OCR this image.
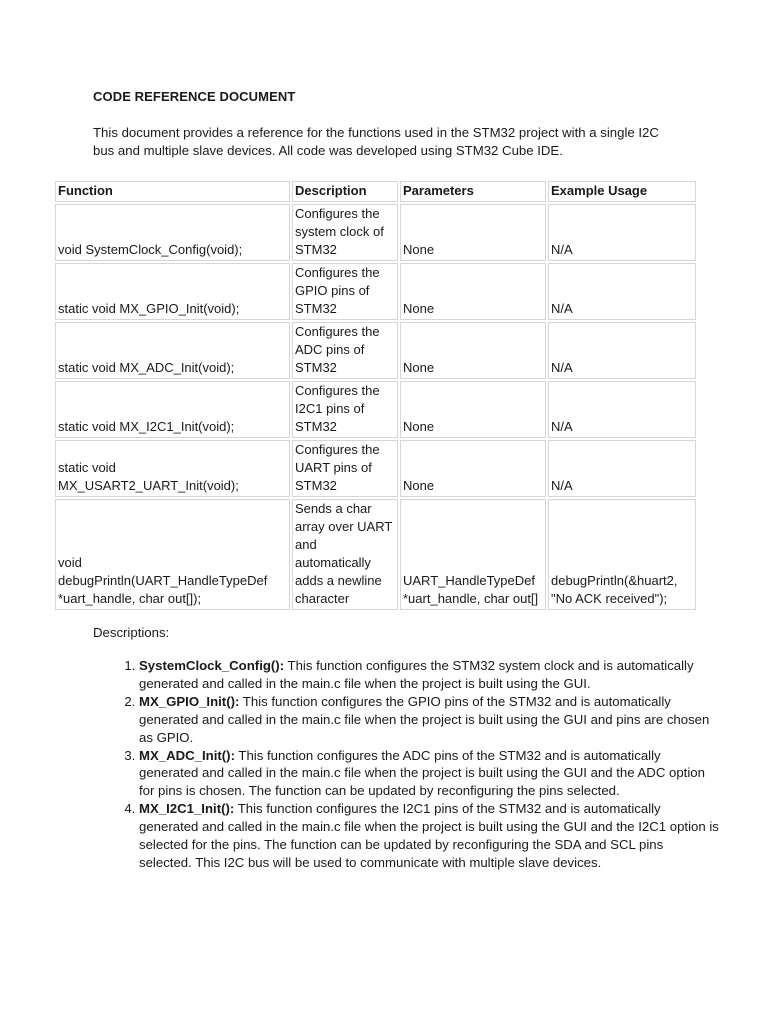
CODE REFERENCE DOCUMENT
This document provides a reference for the functions used in the STM32 project with a single I2C bus and multiple slave devices. All code was developed using STM32 Cube IDE.
Function	Description	Parameters	Example Usage
void SystemClock_Config(void);	Configures the system clock of STM32	None	N/A
static void MX_GPIO_Init(void);	Configures the GPIO pins of STM32	None	N/A
static void MX_ADC_Init(void);	Configures the ADC pins of STM32	None	N/A
static void MX_I2C1_Init(void);	Configures the I2C1 pins of STM32	None	N/A
static void MX_USART2_UART_Init(void);	Configures the UART pins of STM32	None	N/A
void debugPrintln(UART_HandleTypeDef *uart_handle, char out[]);	Sends a char array over UART and automatically adds a newline character	UART_HandleTypeDef *uart_handle, char out[]	debugPrintln(&huart2, "No ACK received");
Descriptions:
1. SystemClock_Config(): This function configures the STM32 system clock and is automatically generated and called in the main.c file when the project is built using the GUI.
2. MX_GPIO_Init(): This function configures the GPIO pins of the STM32 and is automatically generated and called in the main.c file when the project is built using the GUI and pins are chosen as GPIO.
3. MX_ADC_Init(): This function configures the ADC pins of the STM32 and is automatically generated and called in the main.c file when the project is built using the GUI and the ADC option for pins is chosen. The function can be updated by reconfiguring the pins selected.
4. MX_I2C1_Init(): This function configures the I2C1 pins of the STM32 and is automatically generated and called in the main.c file when the project is built using the GUI and the I2C1 option is selected for the pins. The function can be updated by reconfiguring the SDA and SCL pins selected. This I2C bus will be used to communicate with multiple slave devices.
